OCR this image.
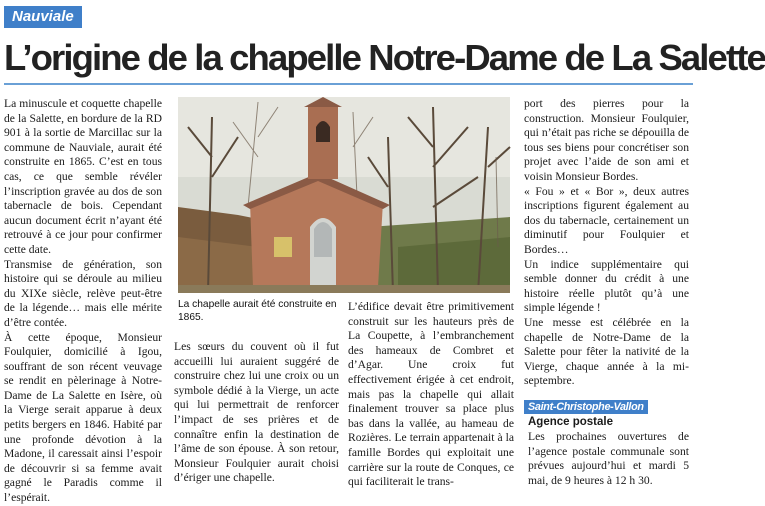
Nauviale
L’origine de la chapelle Notre-Dame de La Salette

La minuscule et coquette chapelle de la Salette, en bordure de la RD 901 à la sortie de Marcillac sur la commune de Nauviale, aurait été construite en 1865. C’est en tous cas, ce que semble révéler l’inscription gravée au dos de son tabernacle de bois. Cependant aucun document écrit n’ayant été retrouvé à ce jour pour confirmer cette date.

Transmise de génération, son histoire qui se déroule au milieu du XIXe siècle, relève peut-être de la légende… mais elle mérite d’être contée.

À cette époque, Monsieur Foulquier, domicilié à Igou, souffrant de son récent veuvage se rendit en pèlerinage à Notre-Dame de La Salette en Isère, où la Vierge serait apparue à deux petits bergers en 1846. Habité par une profonde dévotion à la Madone, il caressait ainsi l’espoir de découvrir si sa femme avait gagné le Paradis comme il l’espérait.

La chapelle aurait été construite en 1865.

Les sœurs du couvent où il fut accueilli lui auraient suggéré de construire chez lui une croix ou un symbole dédié à la Vierge, un acte qui lui permettrait de renforcer l’impact de ses prières et de connaître enfin la destination de l’âme de son épouse. À son retour, Monsieur Foulquier aurait choisi d’ériger une chapelle.

L’édifice devait être primitivement construit sur les hauteurs près de La Coupette, à l’embranchement des hameaux de Combret et d’Agar. Une croix fut effectivement érigée à cet endroit, mais pas la chapelle qui allait finalement trouver sa place plus bas dans la vallée, au hameau de Rozières. Le terrain appartenait à la famille Bordes qui exploitait une carrière sur la route de Conques, ce qui faciliterait le trans-

port des pierres pour la construction. Monsieur Foulquier, qui n’était pas riche se dépouilla de tous ses biens pour concrétiser son projet avec l’aide de son ami et voisin Monsieur Bordes.

« Fou » et « Bor », deux autres inscriptions figurent également au dos du tabernacle, certainement un diminutif pour Foulquier et Bordes…

Un indice supplémentaire qui semble donner du crédit à une histoire réelle plutôt qu’à une simple légende !

Une messe est célébrée en la chapelle de Notre-Dame de la Salette pour fêter la nativité de la Vierge, chaque année à la mi-septembre.

Saint-Christophe-Vallon
Agence postale

Les prochaines ouvertures de l’agence postale communale sont prévues aujourd’hui et mardi 5 mai, de 9 heures à 12 h 30.
